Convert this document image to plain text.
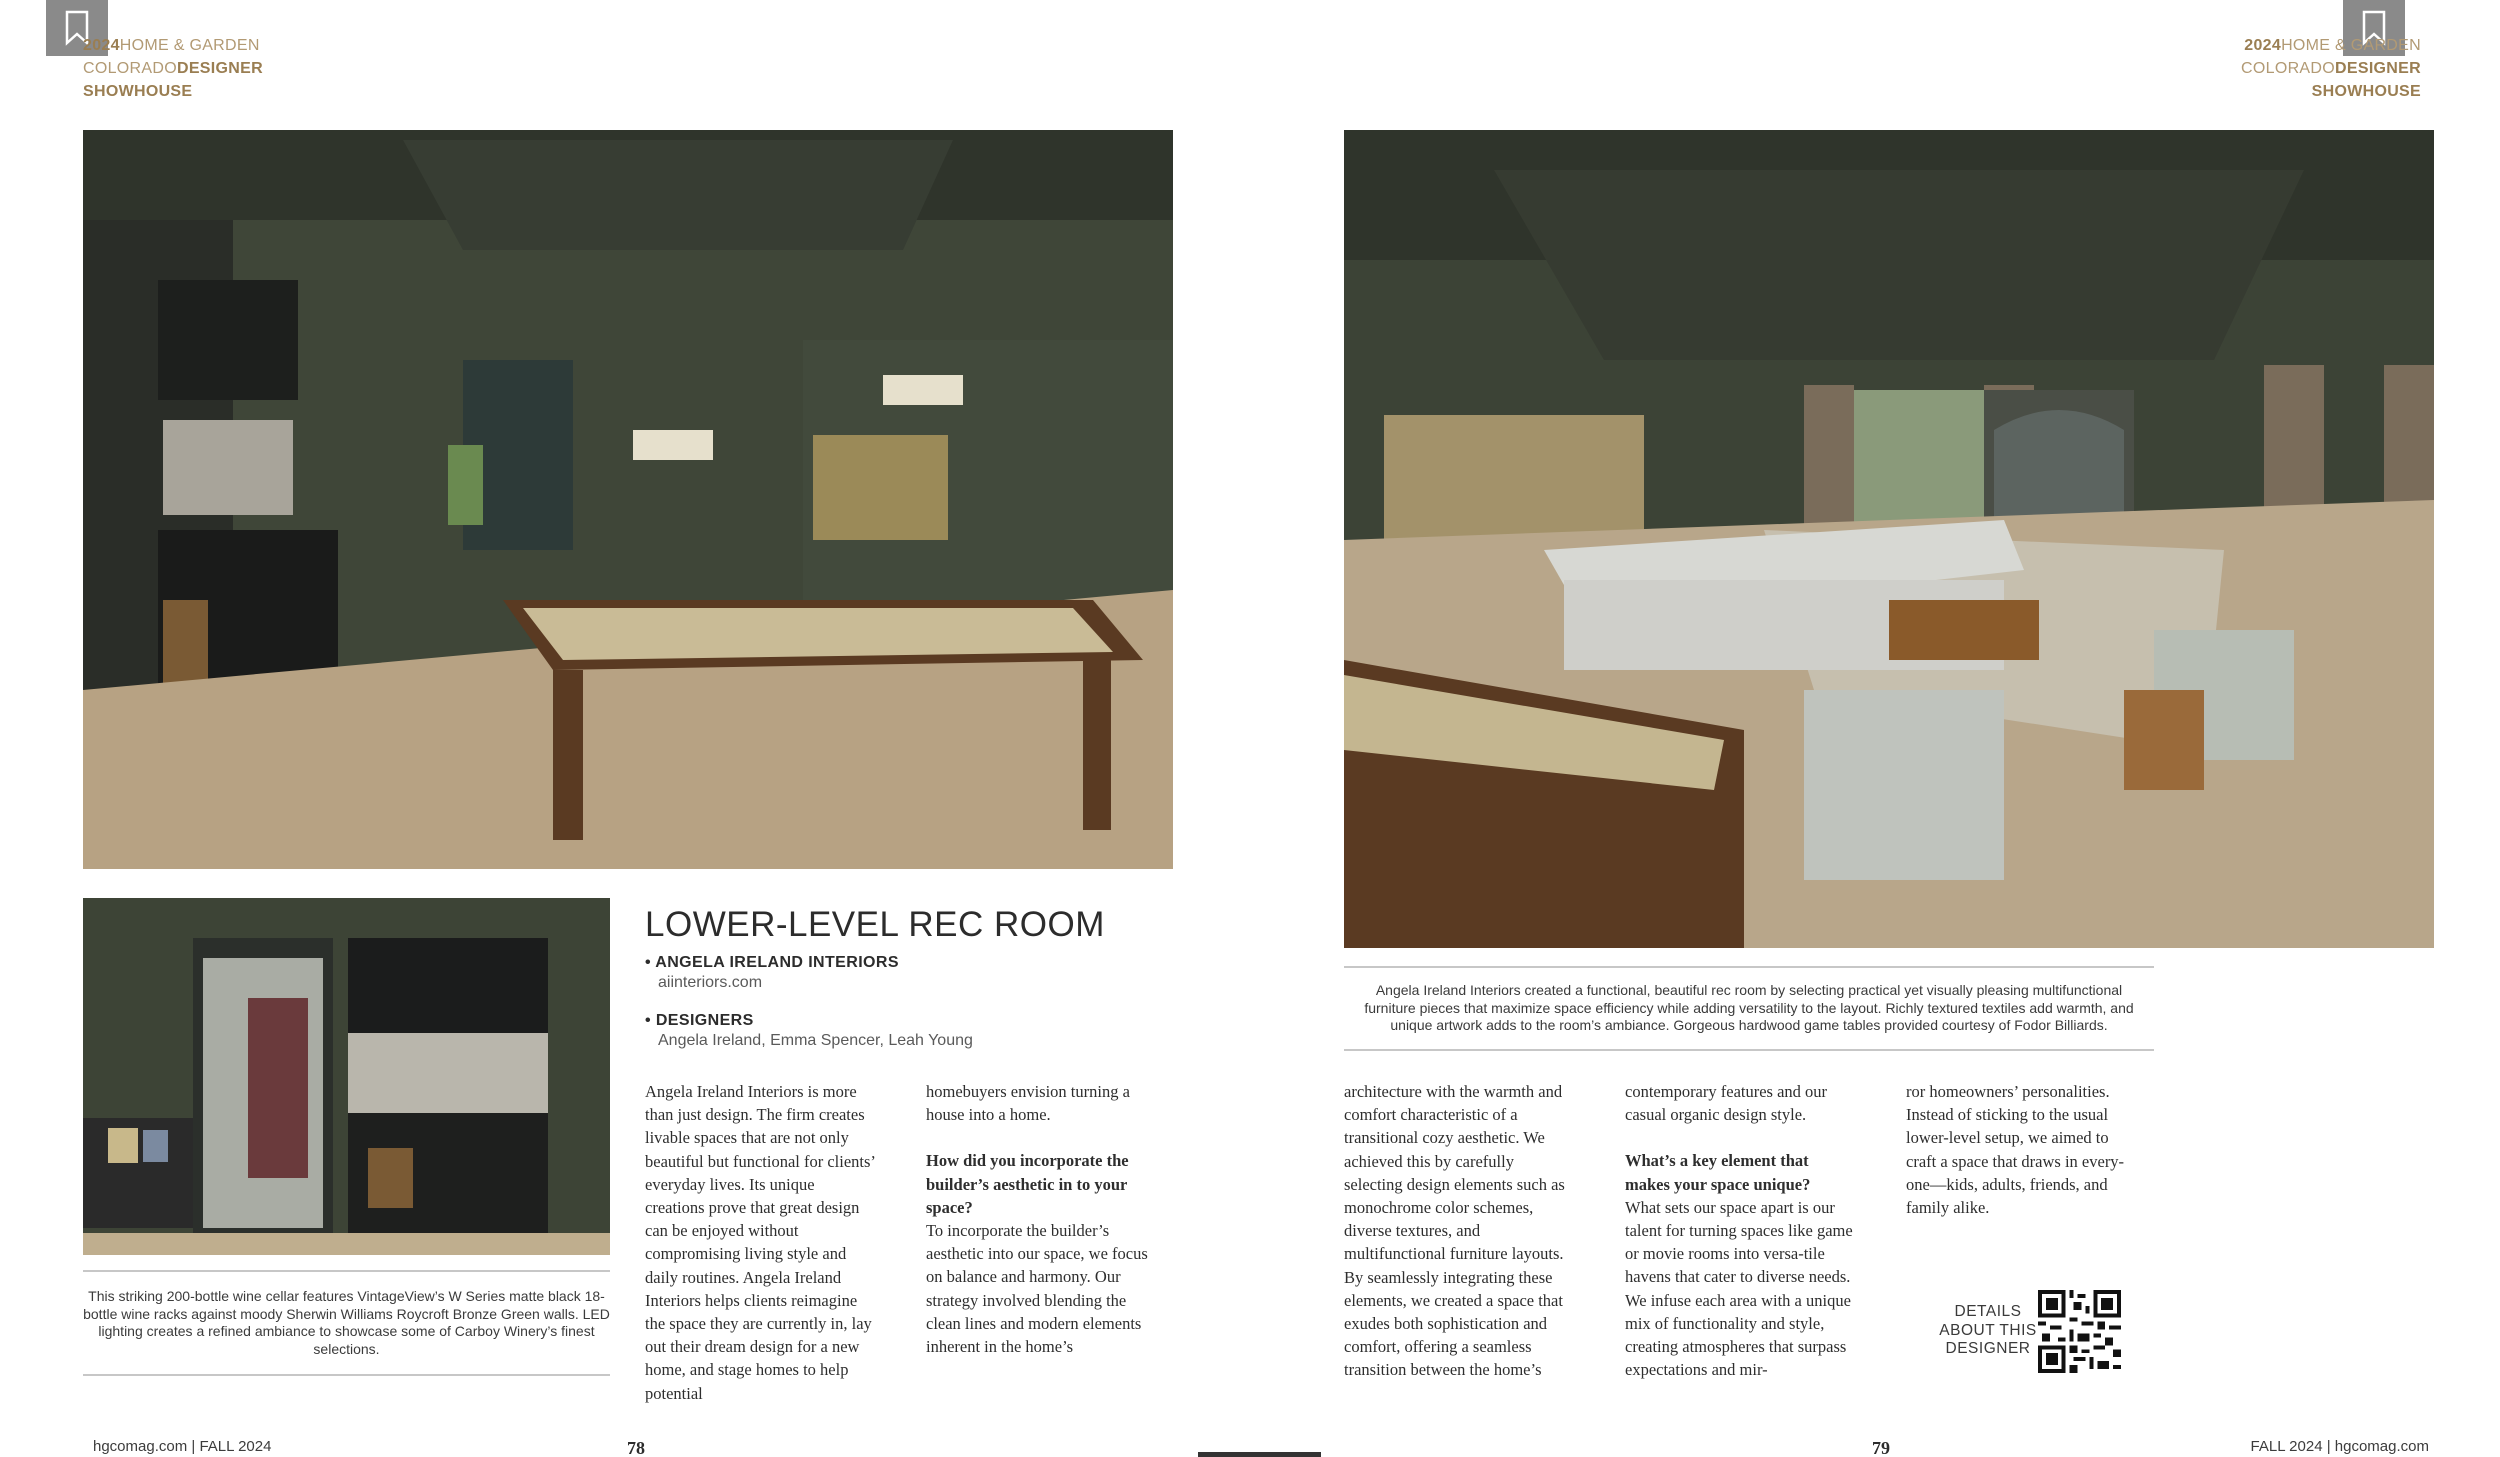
2024HOME & GARDEN
COLORADODESIGNER
SHOWHOUSE
2024HOME & GARDEN
COLORADODESIGNER
SHOWHOUSE
This striking 200-bottle wine cellar features VintageView’s W Series matte black 18-bottle wine racks against moody Sherwin Williams Roycroft Bronze Green walls. LED lighting creates a refined ambiance to showcase some of Carboy Winery’s finest selections.
Angela Ireland Interiors created a functional, beautiful rec room by selecting practical yet visually pleasing multifunctional furniture pieces that maximize space efficiency while adding versatility to the layout. Richly textured textiles add warmth, and unique artwork adds to the room’s ambiance. Gorgeous hardwood game tables provided courtesy of Fodor Billiards.
LOWER-LEVEL REC ROOM
• ANGELA IRELAND INTERIORS
aiinteriors.com
• DESIGNERS
Angela Ireland, Emma Spencer, Leah Young

Angela Ireland Interiors is more than just design. The firm creates livable spaces that are not only beautiful but functional for clients’ everyday lives. Its unique creations prove that great design can be enjoyed without compromising living style and daily routines. Angela Ireland Interiors helps clients reimagine the space they are currently in, lay out their dream design for a new home, and stage homes to help potential

homebuyers envision turning a house into a home.

How did you incorporate the builder’s aesthetic in to your space?

To incorporate the builder’s aesthetic into our space, we focus on balance and harmony. Our strategy involved blending the clean lines and modern elements inherent in the home’s

architecture with the warmth and comfort characteristic of a transitional cozy aesthetic. We achieved this by carefully selecting design elements such as monochrome color schemes, diverse textures, and multifunctional furniture layouts. By seamlessly integrating these elements, we created a space that exudes both sophistication and comfort, offering a seamless transition between the home’s

contemporary features and our casual organic design style.

What’s a key element that makes your space unique?

What sets our space apart is our talent for turning spaces like game or movie rooms into versa-tile havens that cater to diverse needs. We infuse each area with a unique mix of functionality and style, creating atmospheres that surpass expectations and mir-

ror homeowners’ personalities. Instead of sticking to the usual lower-level setup, we aimed to craft a space that draws in every-one—kids, adults, friends, and family alike.

DETAILS
ABOUT THIS
DESIGNER
hgcomag.com | FALL 2024	78	79	FALL 2024 | hgcomag.com
